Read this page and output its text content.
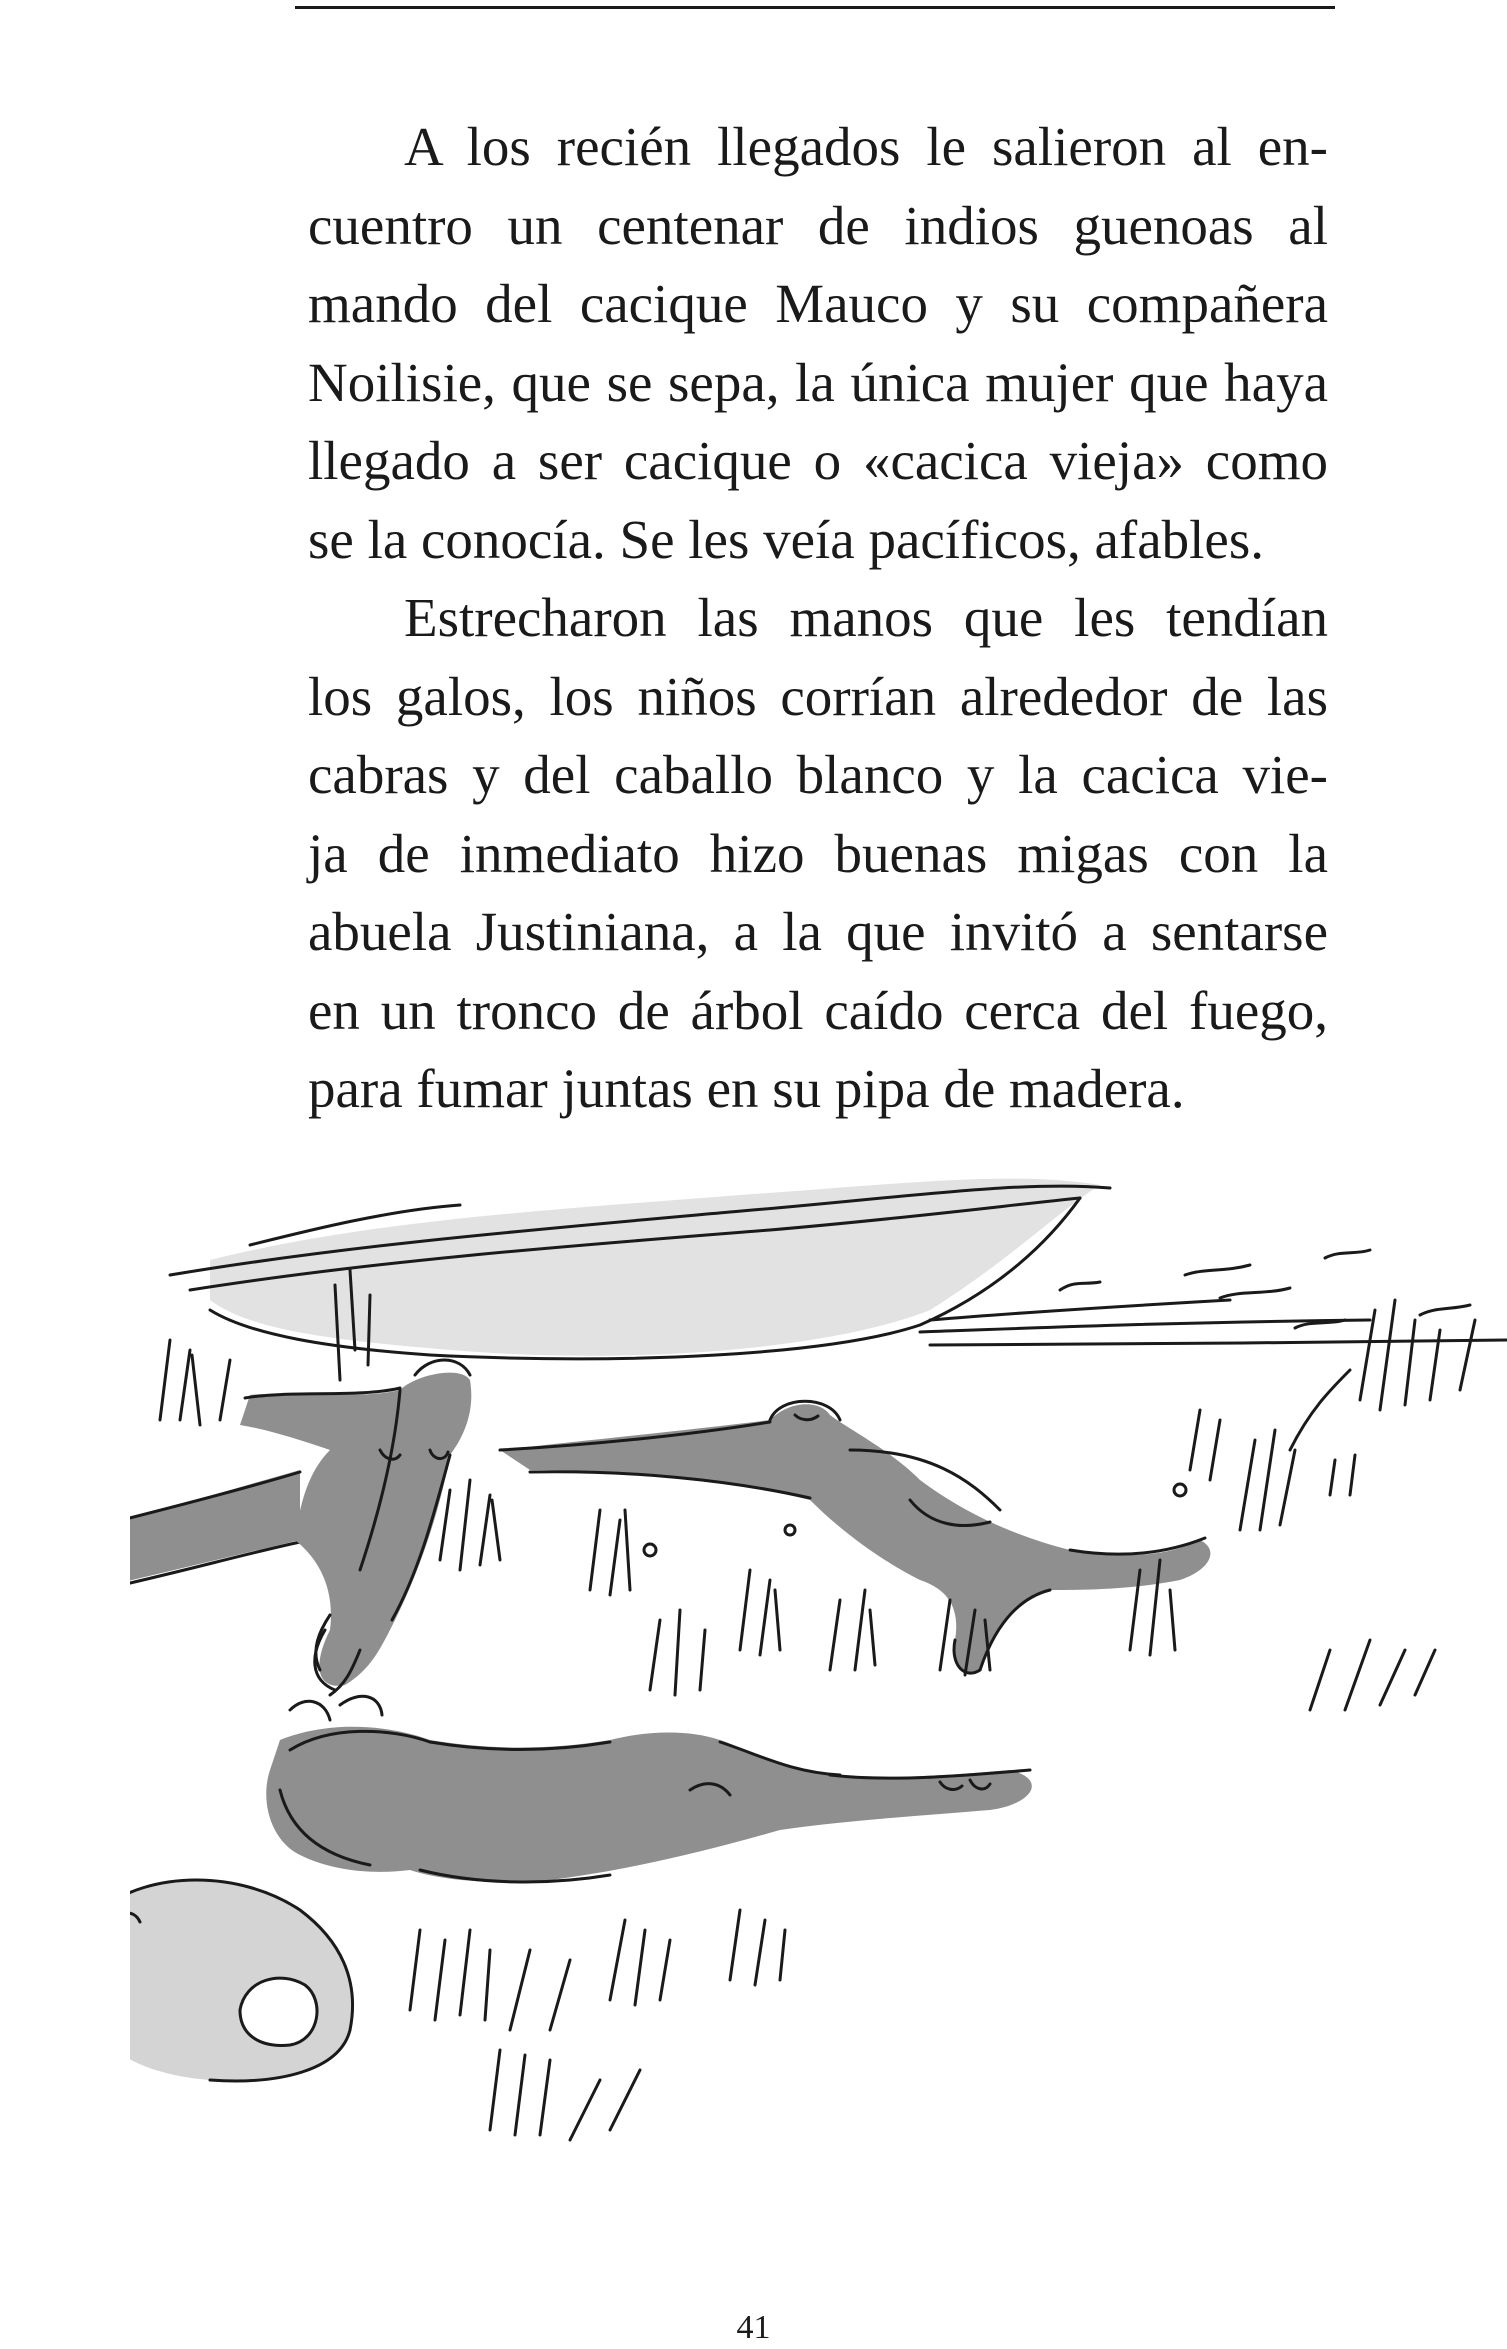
A los recién llegados le salieron al en-
cuentro un centenar de indios guenoas al
mando del cacique Mauco y su compañera
Noilisie, que se sepa, la única mujer que haya
llegado a ser cacique o «cacica vieja» como
se la conocía. Se les veía pacíficos, afables.

Estrecharon las manos que les tendían
los galos, los niños corrían alrededor de las
cabras y del caballo blanco y la cacica vie-
ja de inmediato hizo buenas migas con la
abuela Justiniana, a la que invitó a sentarse
en un tronco de árbol caído cerca del fuego,
para fumar juntas en su pipa de madera.

41
